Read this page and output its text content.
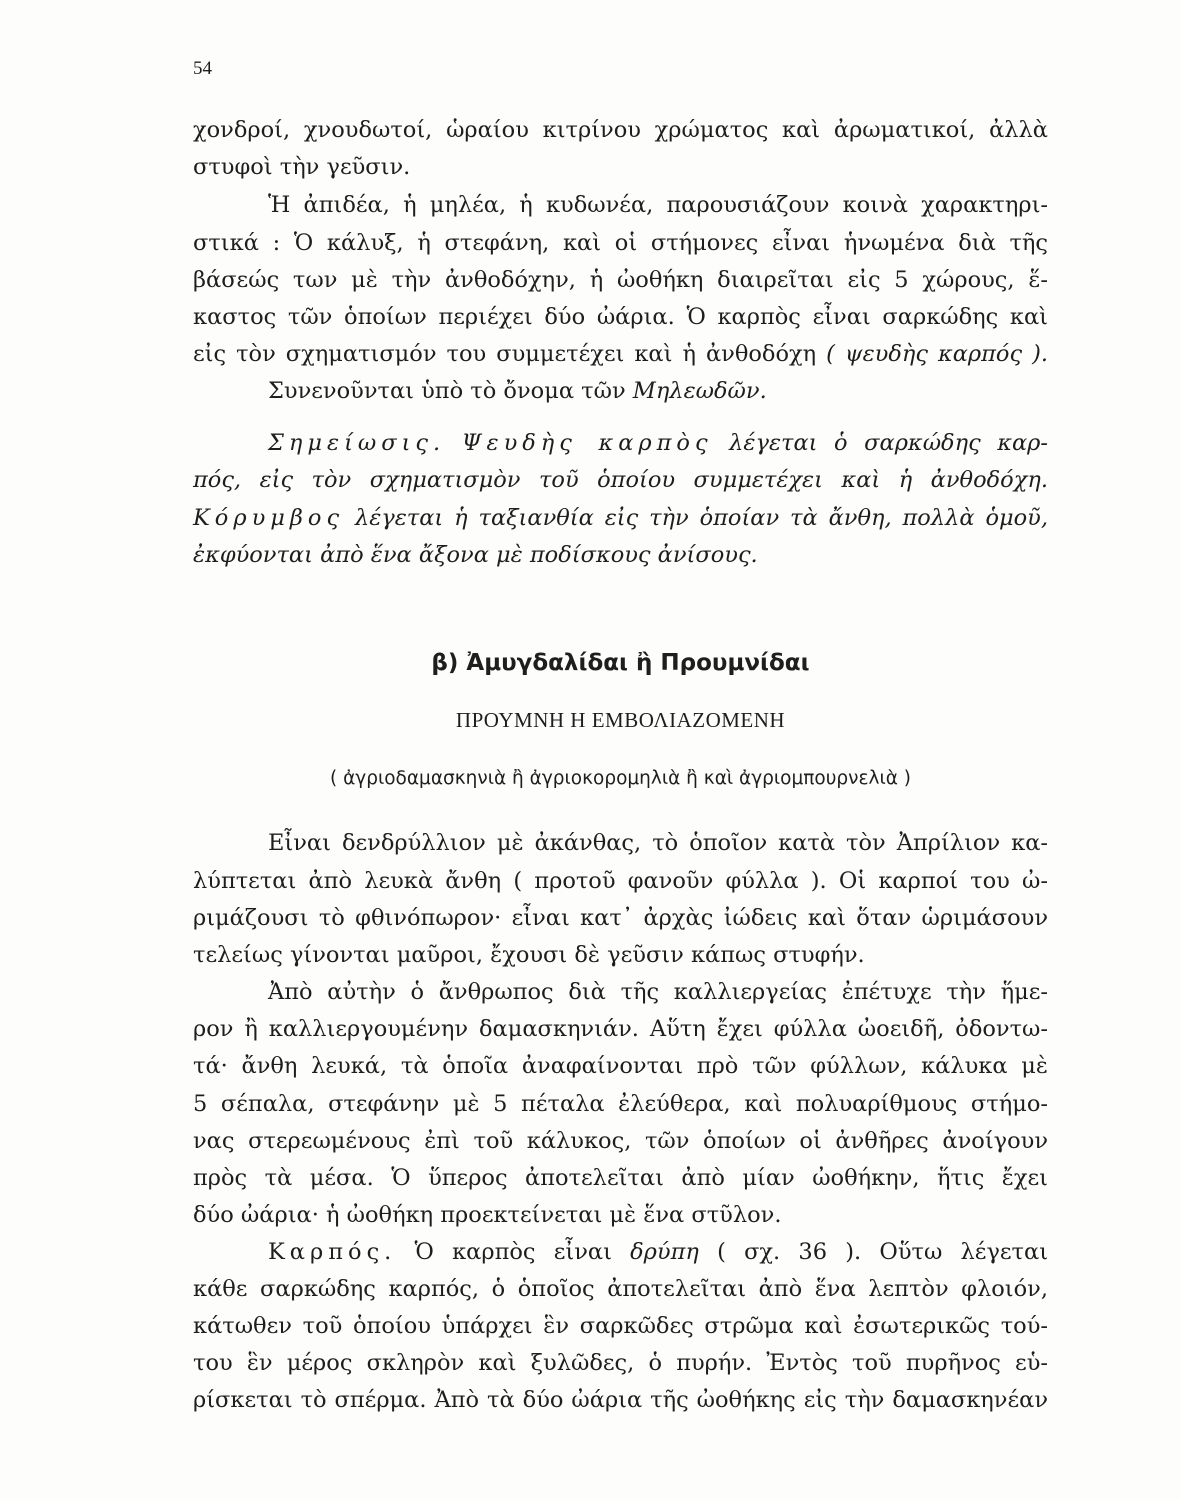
54
χονδροί, χνουδωτοί, ὡραίου κιτρίνου χρώματος καὶ ἀρωματικοί, ἀλλὰ
στυφοὶ τὴν γεῦσιν.
Ἡ ἀπιδέα, ἡ μηλέα, ἡ κυδωνέα, παρουσιάζουν κοινὰ χαρακτηρι-
στικά : Ὁ κάλυξ, ἡ στεφάνη, καὶ οἱ στήμονες εἶναι ἡνωμένα διὰ τῆς
βάσεώς των μὲ τὴν ἀνθοδόχην, ἡ ὠοθήκη διαιρεῖται εἰς 5 χώρους, ἕ-
καστος τῶν ὁποίων περιέχει δύο ὠάρια. Ὁ καρπὸς εἶναι σαρκώδης καὶ
εἰς τὸν σχηματισμόν του συμμετέχει καὶ ἡ ἀνθοδόχη ( ψευδὴς καρπός ).
Συνενοῦνται ὑπὸ τὸ ὄνομα τῶν Μηλεωδῶν.
Σημείωσις. Ψευδὴς καρπὸς λέγεται ὁ σαρκώδης καρ-
πός, εἰς τὸν σχηματισμὸν τοῦ ὁποίου συμμετέχει καὶ ἡ ἀνθοδόχη.
Κόρυμβος λέγεται ἡ ταξιανθία εἰς τὴν ὁποίαν τὰ ἄνθη, πολλὰ ὁμοῦ,
ἐκφύονται ἀπὸ ἕνα ἄξονα μὲ ποδίσκους ἀνίσους.
β) Ἀμυγδαλίδαι ἢ Προυμνίδαι
ΠΡΟΥΜΝΗ Η ΕΜΒΟΛΙΑΖΟΜΕΝΗ
( ἀγριοδαμασκηνιὰ ἢ ἀγριοκορομηλιὰ ἢ καὶ ἀγριομπουρνελιὰ )
Εἶναι δενδρύλλιον μὲ ἀκάνθας, τὸ ὁποῖον κατὰ τὸν Ἀπρίλιον κα-
λύπτεται ἀπὸ λευκὰ ἄνθη ( προτοῦ φανοῦν φύλλα ). Οἱ καρποί του ὠ-
ριμάζουσι τὸ φθινόπωρον· εἶναι κατ᾽ ἀρχὰς ἰώδεις καὶ ὅταν ὡριμάσουν
τελείως γίνονται μαῦροι, ἔχουσι δὲ γεῦσιν κάπως στυφήν.
Ἀπὸ αὐτὴν ὁ ἄνθρωπος διὰ τῆς καλλιεργείας ἐπέτυχε τὴν ἥμε-
ρον ἢ καλλιεργουμένην δαμασκηνιάν. Αὕτη ἔχει φύλλα ὠοειδῆ, ὀδοντω-
τά· ἄνθη λευκά, τὰ ὁποῖα ἀναφαίνονται πρὸ τῶν φύλλων, κάλυκα μὲ
5 σέπαλα, στεφάνην μὲ 5 πέταλα ἐλεύθερα, καὶ πολυαρίθμους στήμο-
νας στερεωμένους ἐπὶ τοῦ κάλυκος, τῶν ὁποίων οἱ ἀνθῆρες ἀνοίγουν
πρὸς τὰ μέσα. Ὁ ὕπερος ἀποτελεῖται ἀπὸ μίαν ὠοθήκην, ἥτις ἔχει
δύο ὠάρια· ἡ ὠοθήκη προεκτείνεται μὲ ἕνα στῦλον.
Καρπός. Ὁ καρπὸς εἶναι δρύπη ( σχ. 36 ). Οὕτω λέγεται
κάθε σαρκώδης καρπός, ὁ ὁποῖος ἀποτελεῖται ἀπὸ ἕνα λεπτὸν φλοιόν,
κάτωθεν τοῦ ὁποίου ὑπάρχει ἓν σαρκῶδες στρῶμα καὶ ἐσωτερικῶς τού-
του ἓν μέρος σκληρὸν καὶ ξυλῶδες, ὁ πυρήν. Ἐντὸς τοῦ πυρῆνος εὑ-
ρίσκεται τὸ σπέρμα. Ἀπὸ τὰ δύο ὠάρια τῆς ὠοθήκης εἰς τὴν δαμασκηνέαν
